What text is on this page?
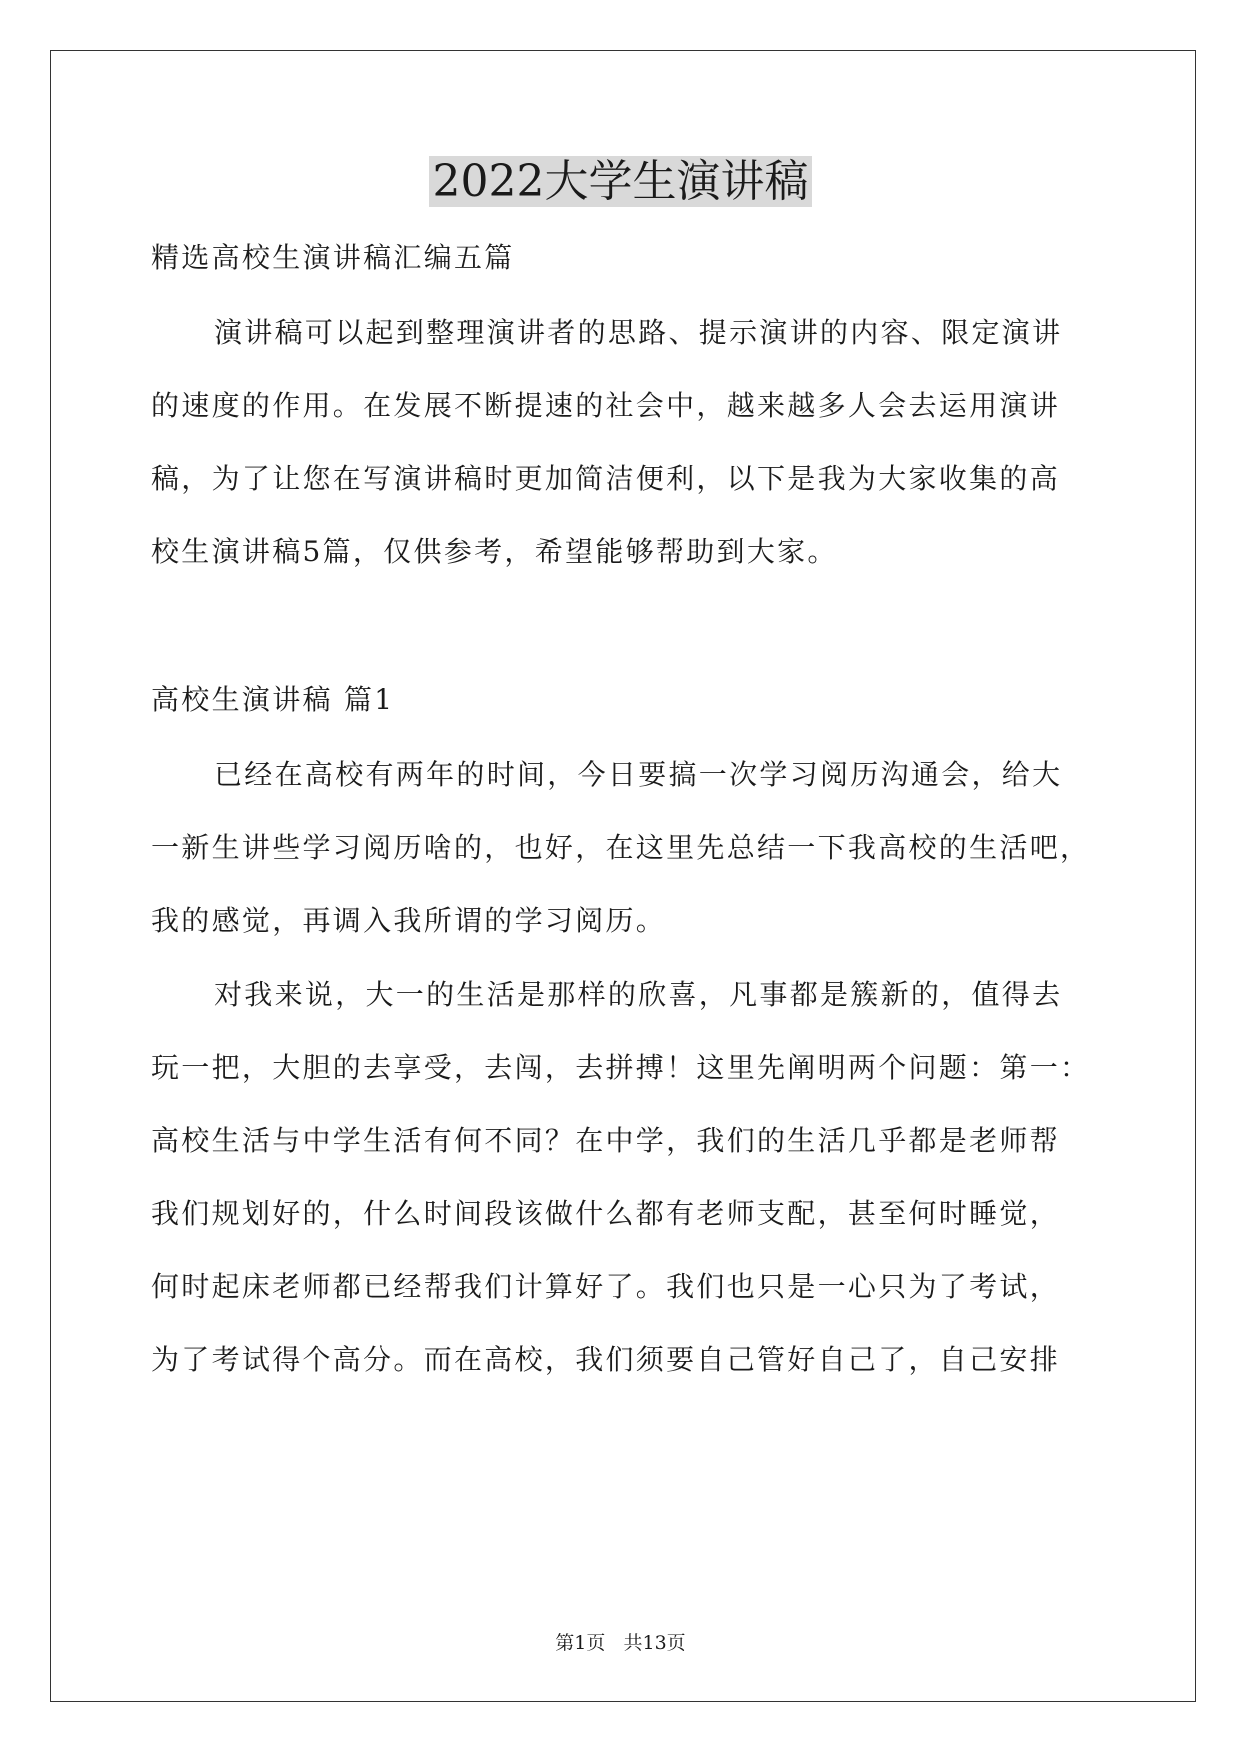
2022大学生演讲稿
精选高校生演讲稿汇编五篇
演讲稿可以起到整理演讲者的思路、提示演讲的内容、限定演讲
的速度的作用。在发展不断提速的社会中，越来越多人会去运用演讲
稿，为了让您在写演讲稿时更加简洁便利，以下是我为大家收集的高
校生演讲稿5篇，仅供参考，希望能够帮助到大家。
高校生演讲稿 篇1
已经在高校有两年的时间，今日要搞一次学习阅历沟通会，给大
一新生讲些学习阅历啥的，也好，在这里先总结一下我高校的生活吧，
我的感觉，再调入我所谓的学习阅历。
对我来说，大一的生活是那样的欣喜，凡事都是簇新的，值得去
玩一把，大胆的去享受，去闯，去拼搏！这里先阐明两个问题：第一：
高校生活与中学生活有何不同？在中学，我们的生活几乎都是老师帮
我们规划好的，什么时间段该做什么都有老师支配，甚至何时睡觉，
何时起床老师都已经帮我们计算好了。我们也只是一心只为了考试，
为了考试得个高分。而在高校，我们须要自己管好自己了，自己安排
第1页   共13页
